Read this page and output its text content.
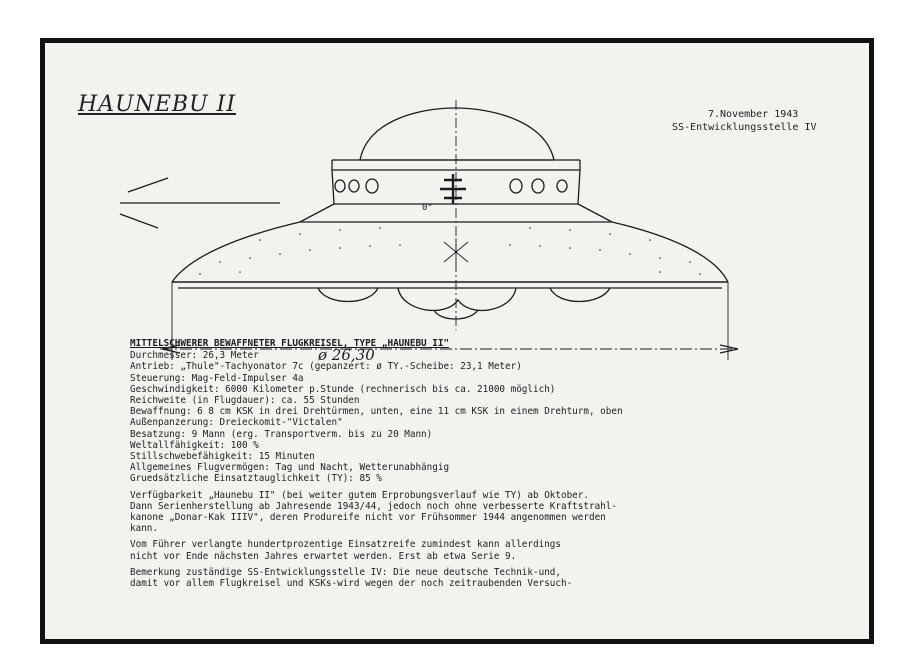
ø 26,30
0"
HAUNEBU II	7.November 1943
SS-Entwicklungsstelle IV
MITTELSCHWERER BEWAFFNETER FLUGKREISEL, TYPE „HAUNEBU II"
Durchmesser: 26,3 Meter
Antrieb: „Thule"-Tachyonator 7c (gepanzert: ø TY.-Scheibe: 23,1 Meter)
Steuerung: Mag-Feld-Impulser 4a
Geschwindigkeit: 6000 Kilometer p.Stunde (rechnerisch bis ca. 21000 möglich)
Reichweite (in Flugdauer): ca. 55 Stunden
Bewaffnung: 6 8 cm KSK in drei Drehtürmen, unten, eine 11 cm KSK in einem Drehturm, oben
Außenpanzerung: Dreieckomit-"Victalen"
Besatzung: 9 Mann (erg. Transportverm. bis zu 20 Mann)
Weltallfähigkeit: 100 %
Stillschwebefähigkeit: 15 Minuten
Allgemeines Flugvermögen: Tag und Nacht, Wetterunabhängig
Gruedsätzliche Einsatztauglichkeit (TY): 85 %
Verfügbarkeit „Haunebu II" (bei weiter gutem Erprobungsverlauf wie TY) ab Oktober.
Dann Serienherstellung ab Jahresende 1943/44, jedoch noch ohne verbesserte Kraftstrahl-
kanone „Donar-Kak IIIV", deren Produreife nicht vor Frühsommer 1944 angenommen werden
kann.
Vom Führer verlangte hundertprozentige Einsatzreife zumindest kann allerdings
nicht vor Ende nächsten Jahres erwartet werden. Erst ab etwa Serie 9.
Bemerkung zuständige SS-Entwicklungsstelle IV: Die neue deutsche Technik-und,
damit vor allem Flugkreisel und KSKs-wird wegen der noch zeitraubenden Versuch-
